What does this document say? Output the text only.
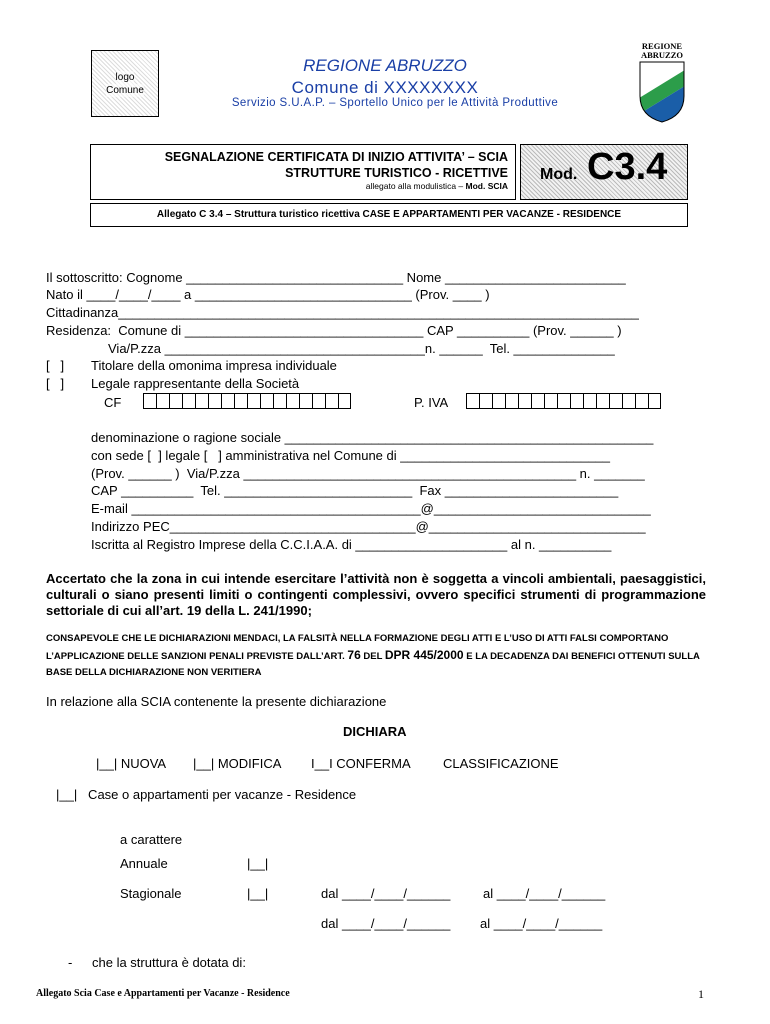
logo
Comune
REGIONE ABRUZZO
Comune di XXXXXXXX
Servizio S.U.A.P. – Sportello Unico per le Attività Produttive
REGIONE
ABRUZZO
SEGNALAZIONE CERTIFICATA DI INIZIO ATTIVITA’ – SCIA
STRUTTURE TURISTICO - RICETTIVE
allegato alla modulistica – Mod. SCIA
Mod. C3.4
Allegato C 3.4 – Struttura turistico ricettiva CASE E APPARTAMENTI PER VACANZE - RESIDENCE
Il sottoscritto: Cognome ______________________________ Nome _________________________
Nato il ____/____/____ a ______________________________ (Prov. ____ )
Cittadinanza________________________________________________________________________
Residenza:  Comune di _________________________________ CAP __________ (Prov. ______ )
Via/P.zza ____________________________________n. ______  Tel. ______________
[   ] Titolare della omonima impresa individuale
[   ] Legale rappresentante della Società
CF	P. IVA
denominazione o ragione sociale ___________________________________________________
con sede [  ] legale [   ] amministrativa nel Comune di _____________________________
(Prov. ______ )  Via/P.zza ______________________________________________ n. _______
CAP __________  Tel. __________________________  Fax ________________________
E-mail ________________________________________@______________________________
Indirizzo PEC__________________________________@______________________________
Iscritta al Registro Imprese della C.C.I.A.A. di _____________________ al n. __________
Accertato che la zona in cui intende esercitare l’attività non è soggetta a vincoli ambientali, paesaggistici, culturali o siano presenti limiti o contingenti complessivi, ovvero specifici strumenti di programmazione settoriale di cui all’art. 19 della L. 241/1990;
CONSAPEVOLE CHE LE DICHIARAZIONI MENDACI, LA FALSITÀ NELLA FORMAZIONE DEGLI ATTI E L’USO DI ATTI FALSI COMPORTANO L’APPLICAZIONE DELLE SANZIONI PENALI PREVISTE DALL’ART. 76 DEL DPR 445/2000 E LA DECADENZA DAI BENEFICI OTTENUTI SULLA BASE DELLA DICHIARAZIONE NON VERITIERA
In relazione alla SCIA contenente la presente dichiarazione
DICHIARA
|__| NUOVA |__| MODIFICA I__I CONFERMA CLASSIFICAZIONE
|__|   Case o appartamenti per vacanze - Residence
a carattere
Annuale	|__|
Stagionale	|__|	dal ____/____/______	al ____/____/______
dal ____/____/______ al ____/____/______
- che la struttura è dotata di:
Allegato Scia Case e Appartamenti per Vacanze - Residence	1
